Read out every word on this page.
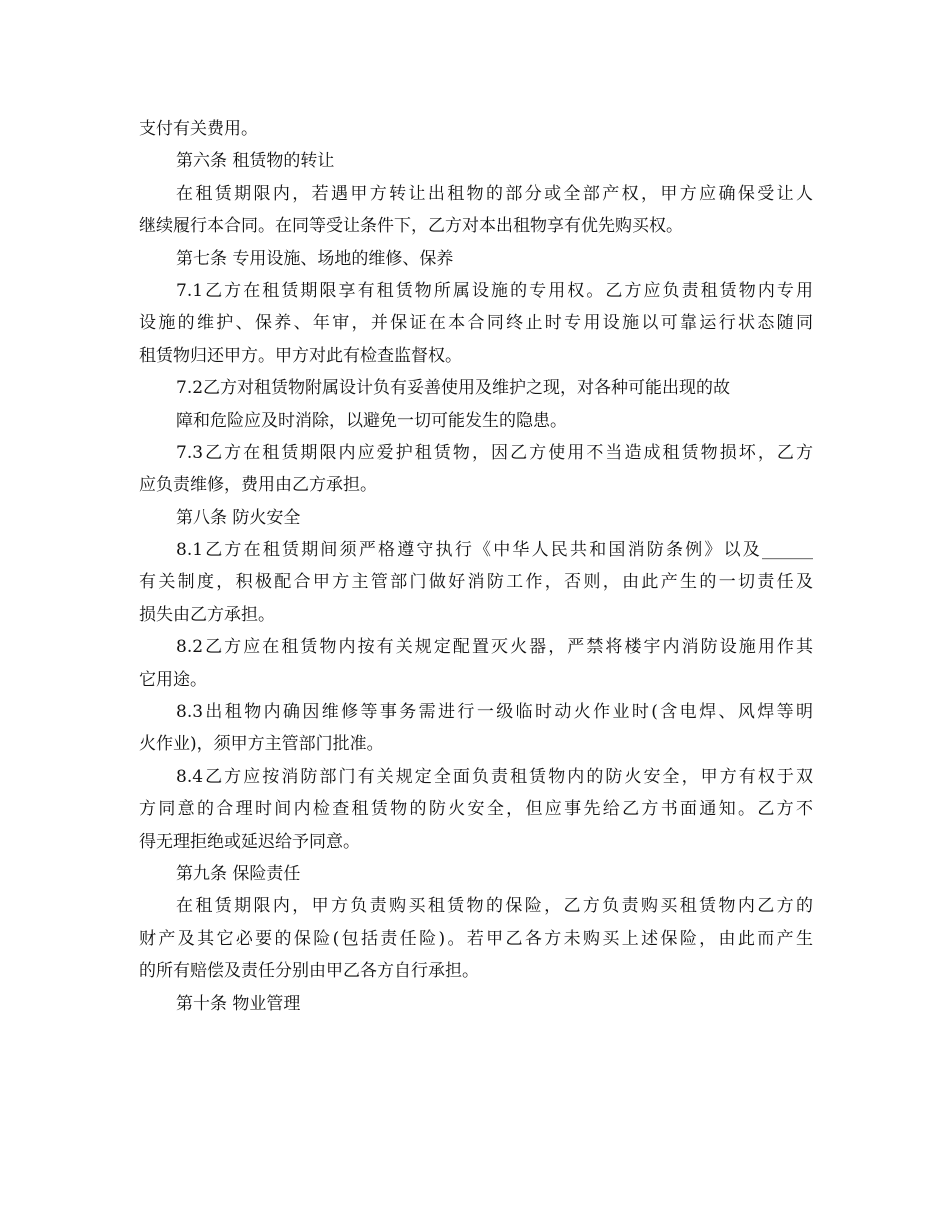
支付有关费用。
第六条 租赁物的转让
在租赁期限内，若遇甲方转让出租物的部分或全部产权，甲方应确保受让人
继续履行本合同。在同等受让条件下，乙方对本出租物享有优先购买权。
第七条 专用设施、场地的维修、保养
7.1乙方在租赁期限享有租赁物所属设施的专用权。乙方应负责租赁物内专用
设施的维护、保养、年审，并保证在本合同终止时专用设施以可靠运行状态随同
租赁物归还甲方。甲方对此有检查监督权。
7.2乙方对租赁物附属设计负有妥善使用及维护之现，对各种可能出现的故
障和危险应及时消除，以避免一切可能发生的隐患。
7.3乙方在租赁期限内应爱护租赁物，因乙方使用不当造成租赁物损坏，乙方
应负责维修，费用由乙方承担。
第八条 防火安全
8.1乙方在租赁期间须严格遵守执行《中华人民共和国消防条例》以及______
有关制度，积极配合甲方主管部门做好消防工作，否则，由此产生的一切责任及
损失由乙方承担。
8.2乙方应在租赁物内按有关规定配置灭火器，严禁将楼宇内消防设施用作其
它用途。
8.3出租物内确因维修等事务需进行一级临时动火作业时(含电焊、风焊等明
火作业)，须甲方主管部门批准。
8.4乙方应按消防部门有关规定全面负责租赁物内的防火安全，甲方有权于双
方同意的合理时间内检查租赁物的防火安全，但应事先给乙方书面通知。乙方不
得无理拒绝或延迟给予同意。
第九条 保险责任
在租赁期限内，甲方负责购买租赁物的保险，乙方负责购买租赁物内乙方的
财产及其它必要的保险(包括责任险)。若甲乙各方未购买上述保险，由此而产生
的所有赔偿及责任分别由甲乙各方自行承担。
第十条 物业管理
